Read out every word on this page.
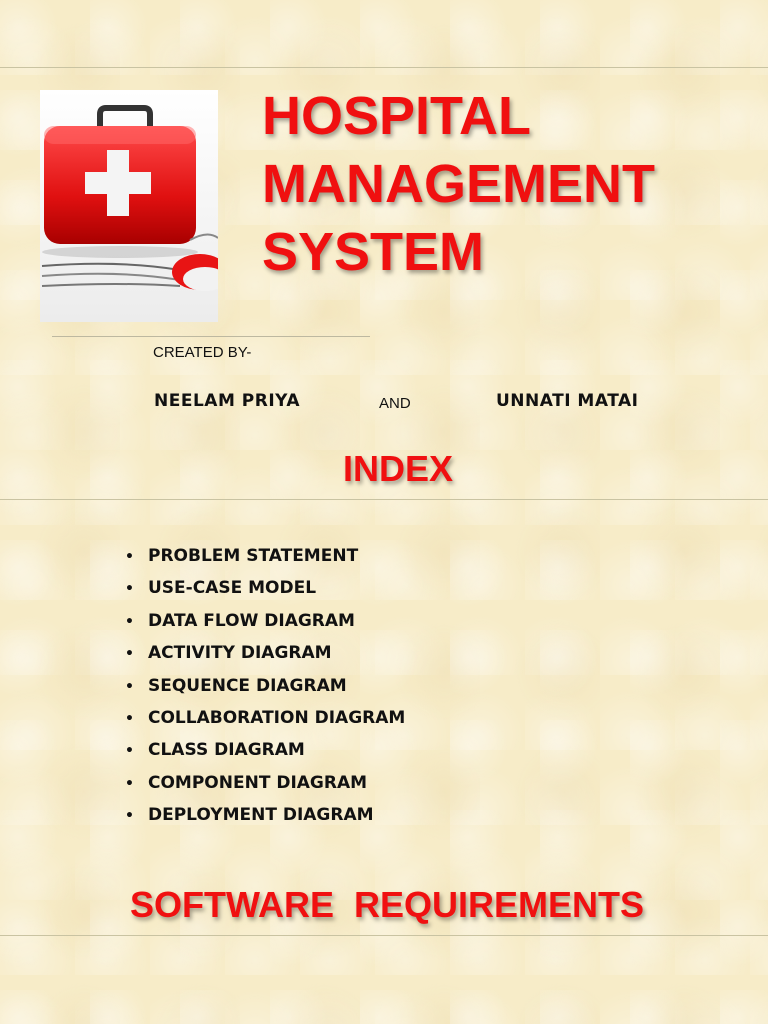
HOSPITAL
MANAGEMENT
SYSTEM
CREATED BY-
NEELAM PRIYA	AND	UNNATI MATAI
INDEX
• PROBLEM STATEMENT
• USE-CASE MODEL
• DATA FLOW DIAGRAM
• ACTIVITY DIAGRAM
• SEQUENCE DIAGRAM
• COLLABORATION DIAGRAM
• CLASS DIAGRAM
• COMPONENT DIAGRAM
• DEPLOYMENT DIAGRAM
SOFTWARE  REQUIREMENTS
